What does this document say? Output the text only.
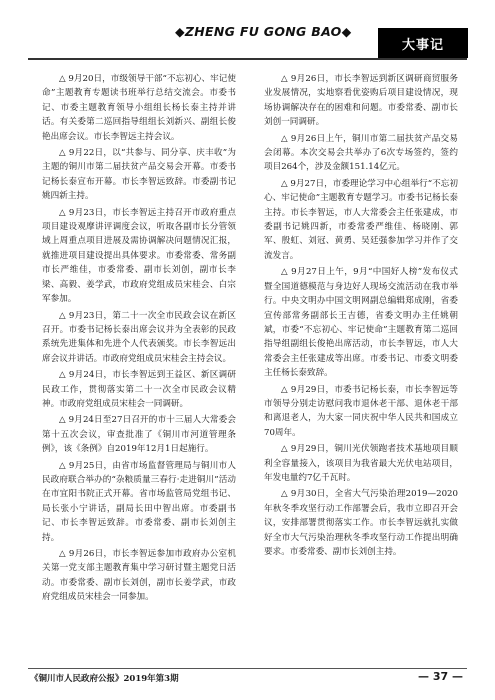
◆ZHENG FU GONG BAO◆
大事记

△ 9月20日，市级领导干部“不忘初心、牢记使命”主题教育专题读书班举行总结交流会。市委书记、市委主题教育领导小组组长杨长泰主持并讲话。有关委第二巡回指导组组长刘新兴、副组长俊艳出席会议。市长李智远主持会议。

△ 9月22日，以“共参与、同分享、庆丰收”为主题的铜川市第二届扶贫产品交易会开幕。市委书记杨长泰宣布开幕。市长李智远致辞。市委副书记姚四新主持。

△ 9月23日，市长李智远主持召开市政府重点项目建设观摩讲评调度会议，听取各副市长分管领域上周重点项目进展及需协调解决问题情况汇报，就推进项目建设提出具体要求。市委常委、常务副市长严维佳，市委常委、副市长刘创，副市长李梁、高毅、姜学武，市政府党组成员宋桂会、白宗军参加。

△ 9月23日，第二十一次全市民政会议在新区召开。市委书记杨长泰出席会议并为全表彰的民政系统先进集体和先进个人代表颁奖。市长李智远出席会议并讲话。市政府党组成员宋桂会主持会议。

△ 9月24日，市长李智远到王益区、新区调研民政工作，贯彻落实第二十一次全市民政会议精神。市政府党组成员宋桂会一同调研。

△ 9月24日至27日召开的市十三届人大常委会第十五次会议，审查批准了《铜川市河道管理条例》，该《条例》自2019年12月1日起施行。

△ 9月25日，由省市场监督管理局与铜川市人民政府联合举办的“杂粮质量三春行·走进铜川”活动在市宜阳书院正式开幕。省市场监管局党组书记、局长张小宁讲话，副局长田中智出席。市委副书记、市长李智远致辞。市委常委、副市长刘创主持。

△ 9月26日，市长李智远参加市政府办公室机关第一党支部主题教育集中学习研讨暨主题党日活动。市委常委、副市长刘创，副市长姜学武，市政府党组成员宋桂会一同参加。

△ 9月26日，市长李智远到新区调研商贸服务业发展情况，实地察看优姿购后项目建设情况，现场协调解决存在的困难和问题。市委常委、副市长刘创一同调研。

△ 9月26日上午，铜川市第二届扶贫产品交易会闭幕。本次交易会共举办了6次专场签约，签约项目264个，涉及金额151.14亿元。

△ 9月27日，市委理论学习中心组举行“不忘初心、牢记使命”主题教育专题学习。市委书记杨长泰主持。市长李智远，市人大常委会主任张建成，市委副书记姚四新，市委常委严维佳、杨晓刚、郭军、殷虹、刘冠、黄勇、吴廷强参加学习并作了交流发言。

△ 9月27日上午，9月“中国好人榜”发布仪式暨全国道德模范与身边好人现场交流活动在我市举行。中央文明办中国文明网副总编辑郑成刚，省委宣传部常务副部长王吉德，省委文明办主任姚朝斌，市委“不忘初心、牢记使命”主题教育第二巡回指导组副组长俊艳出席活动，市长李智远，市人大常委会主任张建成等出席。市委书记、市委文明委主任杨长泰致辞。

△ 9月29日，市委书记杨长泰，市长李智远等市领导分别走访慰问我市退休老干部、退休老干部和离退老人，为大家一同庆祝中华人民共和国成立70周年。

△ 9月29日，铜川光伏领跑者技术基地项目顺利全容量接入，该项目为我省最大光伏电站项目，年发电量约7亿千瓦时。

△ 9月30日，全省大气污染治理2019—2020年秋冬季攻坚行动工作部署会后，我市立即召开会议，安排部署贯彻落实工作。市长李智远就扎实做好全市大气污染治理秋冬季攻坚行动工作提出明确要求。市委常委、副市长刘创主持。

《铜川市人民政府公报》2019年第3期	— 37 —
